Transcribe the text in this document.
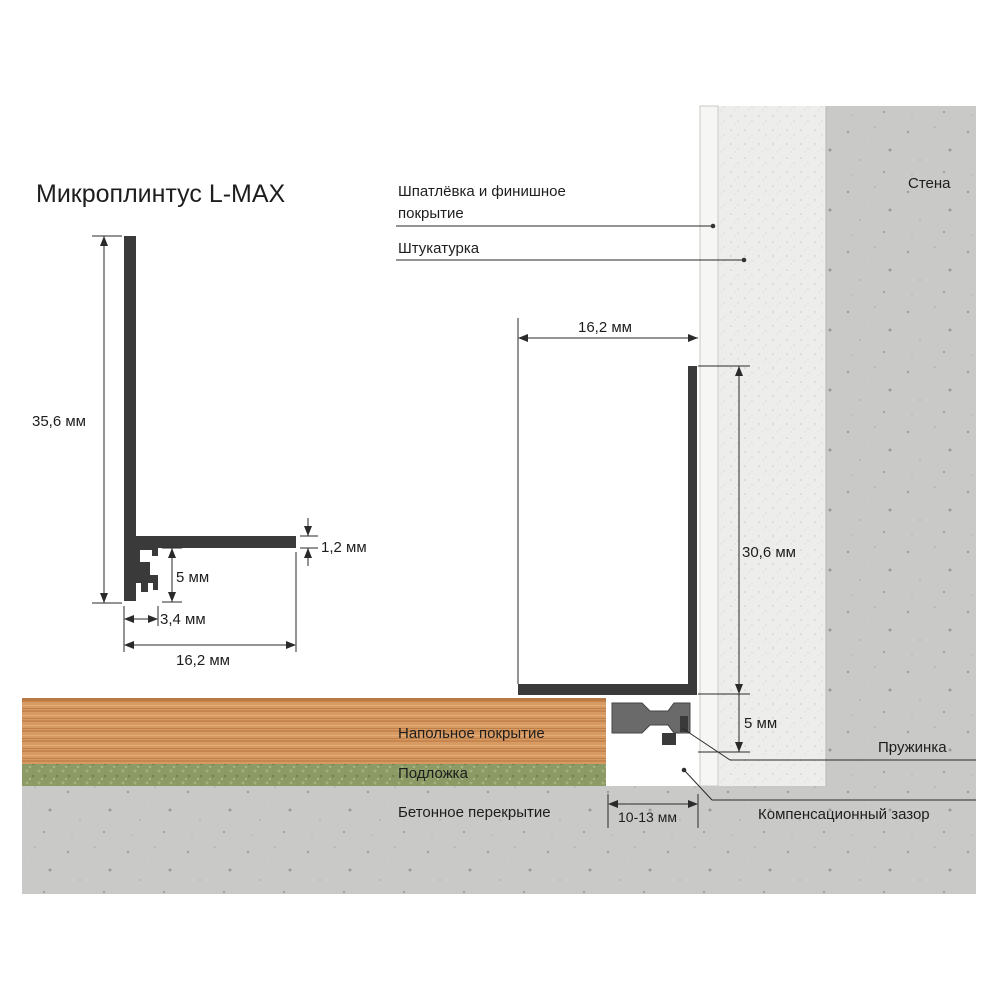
Микроплинтус L-MAX
35,6 мм
1,2 мм
5 мм
3,4 мм
16,2 мм
Шпатлёвка и финишное
покрытие
Штукатурка
Стена
16,2 мм
30,6 мм
5 мм
10-13 мм
Напольное покрытие
Подложка
Бетонное перекрытие
Пружинка
Компенсационный зазор
